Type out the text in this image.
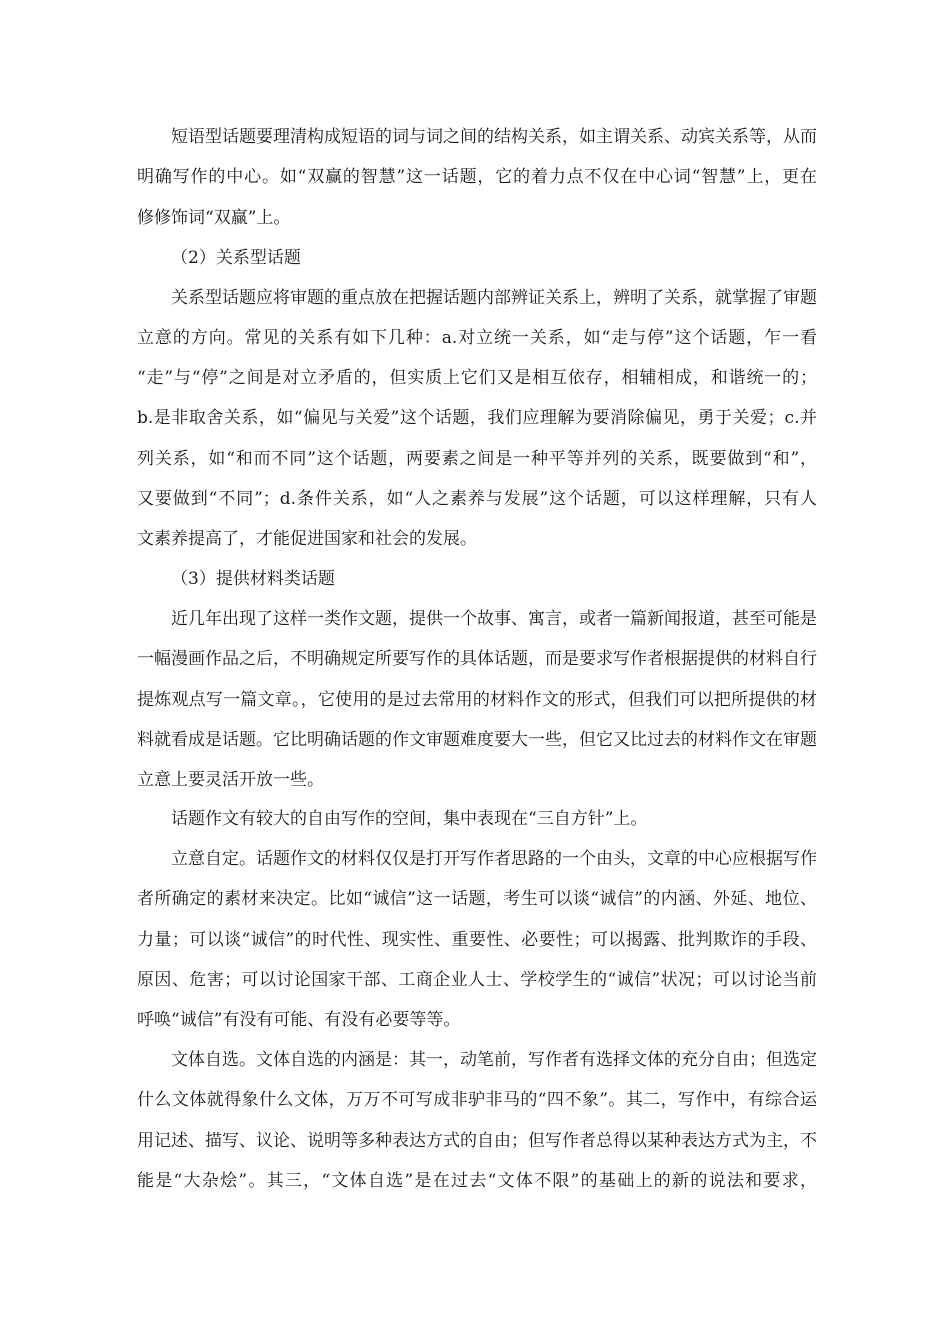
短语型话题要理清构成短语的词与词之间的结构关系，如主谓关系、动宾关系等，从而
明确写作的中心。如“双赢的智慧”这一话题，它的着力点不仅在中心词“智慧”上，更在
修修饰词“双赢”上。
（2）关系型话题
关系型话题应将审题的重点放在把握话题内部辨证关系上，辨明了关系，就掌握了审题
立意的方向。常见的关系有如下几种：a.对立统一关系，如“走与停”这个话题，乍一看
“走”与“停”之间是对立矛盾的，但实质上它们又是相互依存，相辅相成，和谐统一的；
b.是非取舍关系，如“偏见与关爱”这个话题，我们应理解为要消除偏见，勇于关爱；c.并
列关系，如“和而不同”这个话题，两要素之间是一种平等并列的关系，既要做到“和”，
又要做到“不同”；d.条件关系，如“人之素养与发展”这个话题，可以这样理解，只有人
文素养提高了，才能促进国家和社会的发展。
（3）提供材料类话题
近几年出现了这样一类作文题，提供一个故事、寓言，或者一篇新闻报道，甚至可能是
一幅漫画作品之后，不明确规定所要写作的具体话题，而是要求写作者根据提供的材料自行
提炼观点写一篇文章。，它使用的是过去常用的材料作文的形式，但我们可以把所提供的材
料就看成是话题。它比明确话题的作文审题难度要大一些，但它又比过去的材料作文在审题
立意上要灵活开放一些。
话题作文有较大的自由写作的空间，集中表现在“三自方针”上。
立意自定。话题作文的材料仅仅是打开写作者思路的一个由头，文章的中心应根据写作
者所确定的素材来决定。比如“诚信”这一话题，考生可以谈“诚信”的内涵、外延、地位、
力量；可以谈“诚信”的时代性、现实性、重要性、必要性；可以揭露、批判欺诈的手段、
原因、危害；可以讨论国家干部、工商企业人士、学校学生的“诚信”状况；可以讨论当前
呼唤“诚信”有没有可能、有没有必要等等。
文体自选。文体自选的内涵是：其一，动笔前，写作者有选择文体的充分自由；但选定
什么文体就得象什么文体，万万不可写成非驴非马的“四不象”。其二，写作中，有综合运
用记述、描写、议论、说明等多种表达方式的自由；但写作者总得以某种表达方式为主，不
能是“大杂烩”。其三，“文体自选”是在过去“文体不限”的基础上的新的说法和要求，
